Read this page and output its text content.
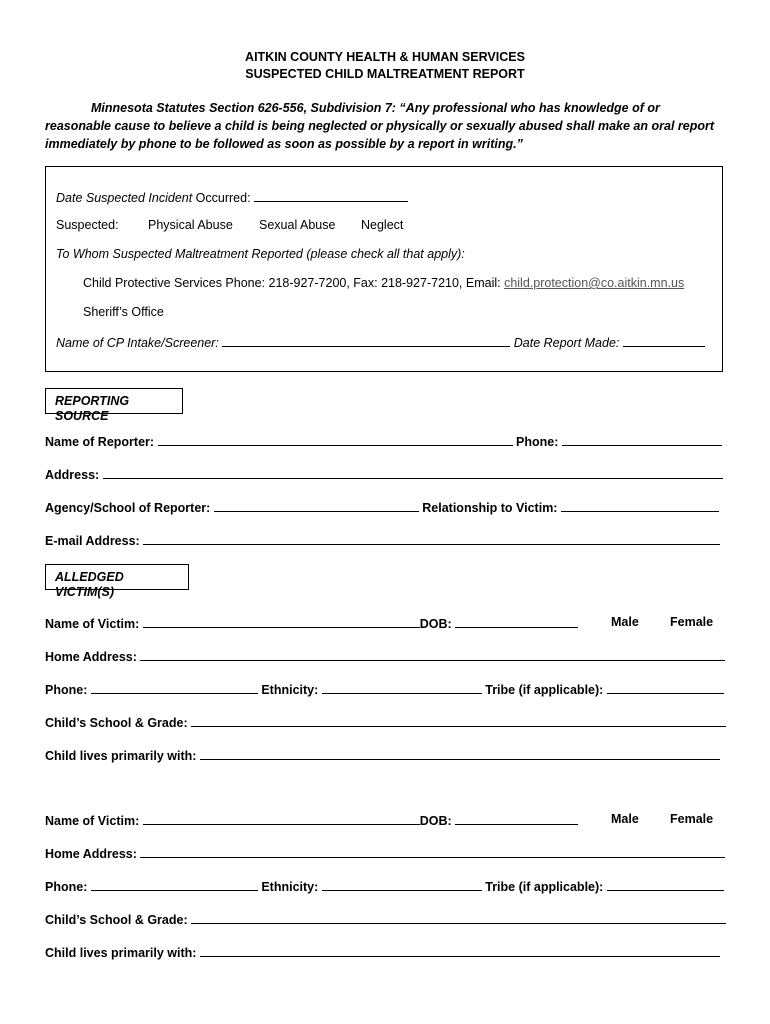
AITKIN COUNTY HEALTH & HUMAN SERVICES
SUSPECTED CHILD MALTREATMENT REPORT
Minnesota Statutes Section 626-556, Subdivision 7: “Any professional who has knowledge of or reasonable cause to believe a child is being neglected or physically or sexually abused shall make an oral report immediately by phone to be followed as soon as possible by a report in writing.”
Date Suspected Incident Occurred:
Suspected: Physical Abuse Sexual Abuse Neglect
To Whom Suspected Maltreatment Reported (please check all that apply):
Child Protective Services Phone: 218-927-7200, Fax: 218-927-7210, Email: child.protection@co.aitkin.mn.us
Sheriff’s Office
Name of CP Intake/Screener:	Date Report Made:
REPORTING SOURCE
Name of Reporter:	Phone:
Address:
Agency/School of Reporter:	Relationship to Victim:
E-mail Address:
ALLEDGED VICTIM(S)
Name of Victim:	DOB:	Male Female
Home Address:
Phone:	Ethnicity:	Tribe (if applicable):
Child’s School & Grade:
Child lives primarily with:
Name of Victim:	DOB:	Male Female
Home Address:
Phone:	Ethnicity:	Tribe (if applicable):
Child’s School & Grade:
Child lives primarily with:
